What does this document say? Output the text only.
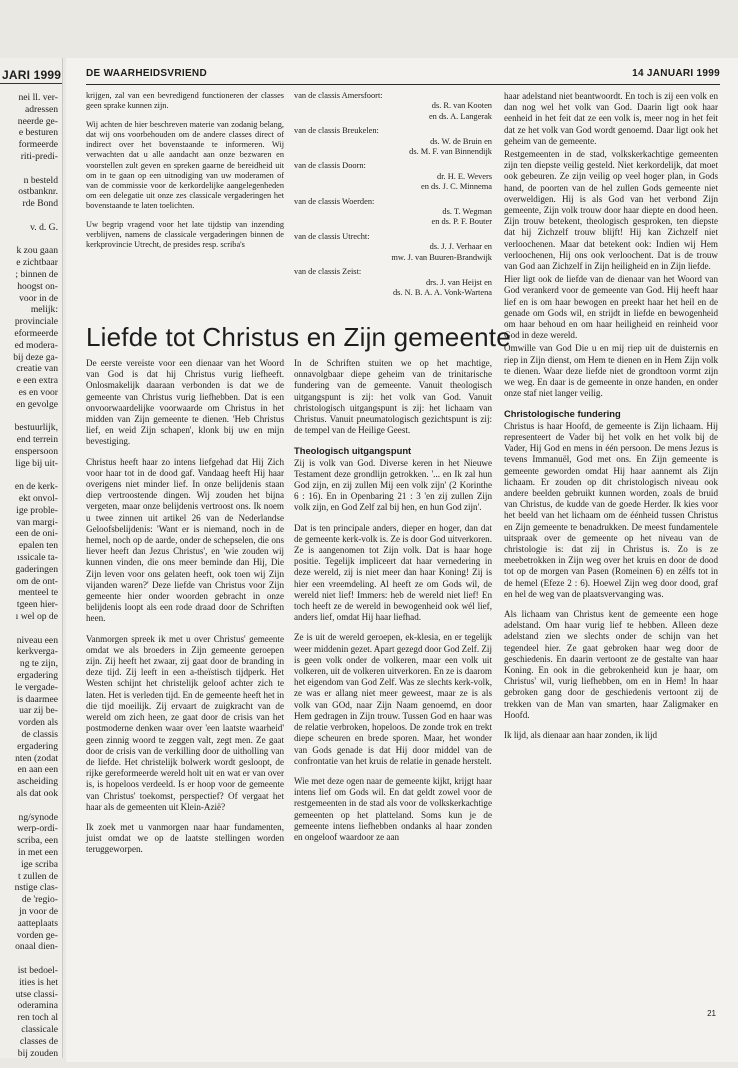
JARI 1999
nei ll. ver-
adressen
neerde ge-
e besturen
formeerde
riti-predi-

n besteld
ostbanknr.
rde Bond

v. d. G.

k zou gaan
e zichtbaar
; binnen de
hoogst on-
voor in de
melijk:
provinciale
eformeerde
ed modera-
bij deze ga-
creatie van
e een extra
es en voor
en gevolge

bestuurlijk,
end terrein
enspersoon
lige bij uit-

en de kerk-
ekt onvol-
ige proble-
van margi-
een de oni-
epalen ten
ıssicale ta-
gaderingen
om de ont-
menteel te
tgeen hier-
ı wel op de

niveau een
kerkverga-
ng te zijn,
ergadering
le vergade-
is daarmee
uar zij be-
vorden als
de classis
ergadering
nten (zodat
en aan een
ascheiding
als dat ook

ng/synode
werp-ordi-
scriba, een
in met een
ige scriba
t zullen de
nstige clas-
de 'regio-
jn voor de
aatteplaats
vorden ge-
onaal dien-

ist bedoel-
ities is het
utse classi-
oderamina
ren toch al
classicale
classes de
bij zouden
DE WAARHEIDSVRIEND	14 JANUARI 1999

krijgen, zal van een bevredigend functioneren der classes geen sprake kunnen zijn.

Wij achten de hier beschreven materie van zodanig belang, dat wij ons voorbehouden om de andere classes direct of indirect over het bovenstaande te informeren. Wij verwachten dat u alle aandacht aan onze bezwaren en voorstellen zult geven en spreken gaarne de bereidheid uit om in te gaan op een uitnodiging van uw moderamen of van de commissie voor de kerkordelijke aangelegenheden om een delegatie uit onze zes classicale vergaderingen het bovenstaande te laten toelichten.

Uw begrip vragend voor het late tijdstip van inzending verblijven, namens de classicale vergaderingen binnen de kerkprovincie Utrecht, de presides resp. scriba's

van de classis Amersfoort:

ds. R. van Kooten
en ds. A. Langerak

van de classis Breukelen:

ds. W. de Bruin en
ds. M. F. van Binnendijk

van de classis Doorn:

dr. H. E. Wevers
en ds. J. C. Minnema

van de classis Woerden:

ds. T. Wegman
en ds. P. F. Bouter

van de classis Utrecht:

ds. J. J. Verhaar en
mw. J. van Buuren-Brandwijk

van de classis Zeist:

drs. J. van Heijst en
ds. N. B. A. A. Vonk-Wartena

Liefde tot Christus en Zijn gemeente

De eerste vereiste voor een dienaar van het Woord van God is dat hij Christus vurig liefheeft. Onlosmakelijk daaraan verbonden is dat we de gemeente van Christus vurig liefhebben. Dat is een onvoorwaardelijke voorwaarde om Christus in het midden van Zijn gemeente te dienen. 'Heb Christus lief, en weid Zijn schapen', klonk bij uw en mijn bevestiging.

Christus heeft haar zo intens liefgehad dat Hij Zich voor haar tot in de dood gaf. Vandaag heeft Hij haar overigens niet minder lief. In onze belijdenis staan diep vertroostende dingen. Wij zouden het bijna vergeten, maar onze belijdenis vertroost ons. Ik noem u twee zinnen uit artikel 26 van de Nederlandse Geloofsbelijdenis: 'Want er is niemand, noch in de hemel, noch op de aarde, onder de schepselen, die ons liever heeft dan Jezus Christus', en 'wie zouden wij kunnen vinden, die ons meer beminde dan Hij, Die Zijn leven voor ons gelaten heeft, ook toen wij Zijn vijanden waren?' Deze liefde van Christus voor Zijn gemeente hier onder woorden gebracht in onze belijdenis loopt als een rode draad door de Schriften heen.

Vanmorgen spreek ik met u over Christus' gemeente omdat we als broeders in Zijn gemeente geroepen zijn. Zij heeft het zwaar, zij gaat door de branding in deze tijd. Zij leeft in een a-theïstisch tijdperk. Het Westen schijnt het christelijk geloof achter zich te laten. Het is verleden tijd. En de gemeente heeft het in die tijd moeilijk. Zij ervaart de zuigkracht van de wereld om zich heen, ze gaat door de crisis van het postmoderne denken waar over 'een laatste waarheid' geen zinnig woord te zeggen valt, zegt men. Ze gaat door de crisis van de verkilling door de uitholling van de liefde. Het christelijk bolwerk wordt gesloopt, de rijke gereformeerde wereld holt uit en wat er van over is, is hopeloos verdeeld. Is er hoop voor de gemeente van Christus' toekomst, perspectief? Of vergaat het haar als de gemeenten uit Klein-Azië?

Ik zoek met u vanmorgen naar haar fundamenten, juist omdat we op de laatste stellingen worden teruggeworpen.

In de Schriften stuiten we op het machtige, onnavolgbaar diepe geheim van de trinitarische fundering van de gemeente. Vanuit theologisch uitgangspunt is zij: het volk van God. Vanuit christologisch uitgangspunt is zij: het lichaam van Christus. Vanuit pneumatologisch gezichtspunt is zij: de tempel van de Heilige Geest.

Theologisch uitgangspunt

Zij is volk van God. Diverse keren in het Nieuwe Testament deze grondlijn getrokken. '... en Ik zal hun God zijn, en zij zullen Mij een volk zijn' (2 Korinthe 6 : 16). En in Openbaring 21 : 3 'en zij zullen Zijn volk zijn, en God Zelf zal bij hen, en hun God zijn'.

Dat is ten principale anders, dieper en hoger, dan dat de gemeente kerk-volk is. Ze is door God uitverkoren. Ze is aangenomen tot Zijn volk. Dat is haar hoge positie. Tegelijk impliceert dat haar vernedering in deze wereld, zij is niet meer dan haar Koning! Zij is hier een vreemdeling. Al heeft ze om Gods wil, de wereld niet lief! Immers: heb de wereld niet lief! En toch heeft ze de wereld in bewogenheid ook wél lief, anders lief, omdat Hij haar liefhad.

Ze is uit de wereld geroepen, ek-klesia, en er tegelijk weer middenin gezet. Apart gezegd door God Zelf. Zij is geen volk onder de volkeren, maar een volk uit volkeren, uit de volkeren uitverkoren. En ze is daarom het eigendom van God Zelf. Was ze slechts kerk-volk, ze was er allang niet meer geweest, maar ze is als volk van GOd, naar Zijn Naam genoemd, en door Hem gedragen in Zijn trouw. Tussen God en haar was de relatie verbroken, hopeloos. De zonde trok en trekt diepe scheuren en brede sporen. Maar, het wonder van Gods genade is dat Hij door middel van de confrontatie van het kruis de relatie in genade herstelt.

Wie met deze ogen naar de gemeente kijkt, krijgt haar intens lief om Gods wil. En dat geldt zowel voor de restgemeenten in de stad als voor de volkskerkachtige gemeenten op het platteland. Soms kun je de gemeente intens liefhebben ondanks al haar zonden en ongeloof waardoor ze aan

haar adelstand niet beantwoordt. En toch is zij een volk en dan nog wel het volk van God. Daarin ligt ook haar eenheid in het feit dat ze een volk is, meer nog in het feit dat ze het volk van God wordt genoemd. Daar ligt ook het geheim van de gemeente.

Restgemeenten in de stad, volkskerkachtige gemeenten zijn ten diepste veilig gesteld. Niet kerkordelijk, dat moet ook gebeuren. Ze zijn veilig op veel hoger plan, in Gods hand, de poorten van de hel zullen Gods gemeente niet overweldigen. Hij is als God van het verbond Zijn gemeente, Zijn volk trouw door haar diepte en dood heen. Zijn trouw betekent, theologisch gesproken, ten diepste dat hij Zichzelf trouw blijft! Hij kan Zichzelf niet verloochenen. Maar dat betekent ook: Indien wij Hem verloochenen, Hij ons ook verloochent. Dat is de trouw van God aan Zichzelf in Zijn heiligheid en in Zijn liefde.

Hier ligt ook de liefde van de dienaar van het Woord van God verankerd voor de gemeente van God. Hij heeft haar lief en is om haar bewogen en preekt haar het heil en de genade om Gods wil, en strijdt in liefde en bewogenheid om haar behoud en om haar heiligheid en reinheid voor God in deze wereld.

Omwille van God Die u en mij riep uit de duisternis en riep in Zijn dienst, om Hem te dienen en in Hem Zijn volk te dienen. Waar deze liefde niet de grondtoon vormt zijn we weg. En daar is de gemeente in onze handen, en onder onze staf niet langer veilig.

Christologische fundering

Christus is haar Hoofd, de gemeente is Zijn lichaam. Hij representeert de Vader bij het volk en het volk bij de Vader, Hij God en mens in één persoon. De mens Jezus is tevens Immanuël, God met ons. En Zijn gemeente is gemeente geworden omdat Hij haar aannemt als Zijn lichaam. Er zouden op dit christologisch niveau ook andere beelden gebruikt kunnen worden, zoals de bruid van Christus, de kudde van de goede Herder. Ik kies voor het beeld van het lichaam om de éénheid tussen Christus en Zijn gemeente te benadrukken. De meest fundamentele uitspraak over de gemeente op het niveau van de christologie is: dat zij in Christus is. Zo is ze meebetrokken in Zijn weg over het kruis en door de dood tot op de morgen van Pasen (Romeinen 6) en zélfs tot in de hemel (Efeze 2 : 6). Hoewel Zijn weg door dood, graf en hel de weg van de plaatsvervanging was.

Als lichaam van Christus kent de gemeente een hoge adelstand. Om haar vurig lief te hebben. Alleen deze adelstand zien we slechts onder de schijn van het tegendeel hier. Ze gaat gebroken haar weg door de geschiedenis. En daarin vertoont ze de gestalte van haar Koning. En ook in die gebrokenheid kun je haar, om Christus' wil, vurig liefhebben, om en in Hem! In haar gebroken gang door de geschiedenis vertoont zij de trekken van de Man van smarten, haar Zaligmaker en Hoofd.

Ik lijd, als dienaar aan haar zonden, ik lijd

21
